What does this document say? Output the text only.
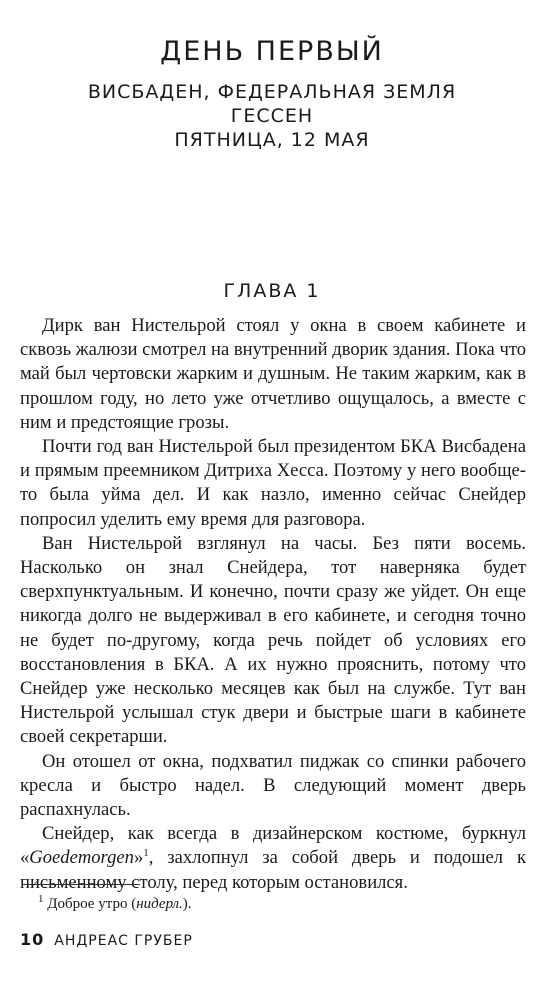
ДЕНЬ ПЕРВЫЙ
ВИСБАДЕН, ФЕДЕРАЛЬНАЯ ЗЕМЛЯ
ГЕССЕН
ПЯТНИЦА, 12 МАЯ
ГЛАВА 1

Дирк ван Нистельрой стоял у окна в своем кабинете и сквозь жалюзи смотрел на внутренний дворик здания. Пока что май был чертовски жарким и душным. Не таким жарким, как в прошлом году, но лето уже отчетливо ощущалось, а вместе с ним и предстоящие грозы.

Почти год ван Нистельрой был президентом БКА Висбадена и прямым преемником Дитриха Хесса. Поэтому у него вообще-то была уйма дел. И как назло, именно сейчас Снейдер попросил уделить ему время для разговора.

Ван Нистельрой взглянул на часы. Без пяти восемь. Насколько он знал Снейдера, тот наверняка будет сверхпунктуальным. И конечно, почти сразу же уйдет. Он еще никогда долго не выдерживал в его кабинете, и сегодня точно не будет по-другому, когда речь пойдет об условиях его восстановления в БКА. А их нужно прояснить, потому что Снейдер уже несколько месяцев как был на службе. Тут ван Нистельрой услышал стук двери и быстрые шаги в кабинете своей секретарши.

Он отошел от окна, подхватил пиджак со спинки рабочего кресла и быстро надел. В следующий момент дверь распахнулась.

Снейдер, как всегда в дизайнерском костюме, буркнул «Goedemorgen»$^1$, захлопнул за собой дверь и подошел к письменному столу, перед которым остановился.

$^1$ Доброе утро (нидерл.).
10 АНДРЕАС ГРУБЕР
